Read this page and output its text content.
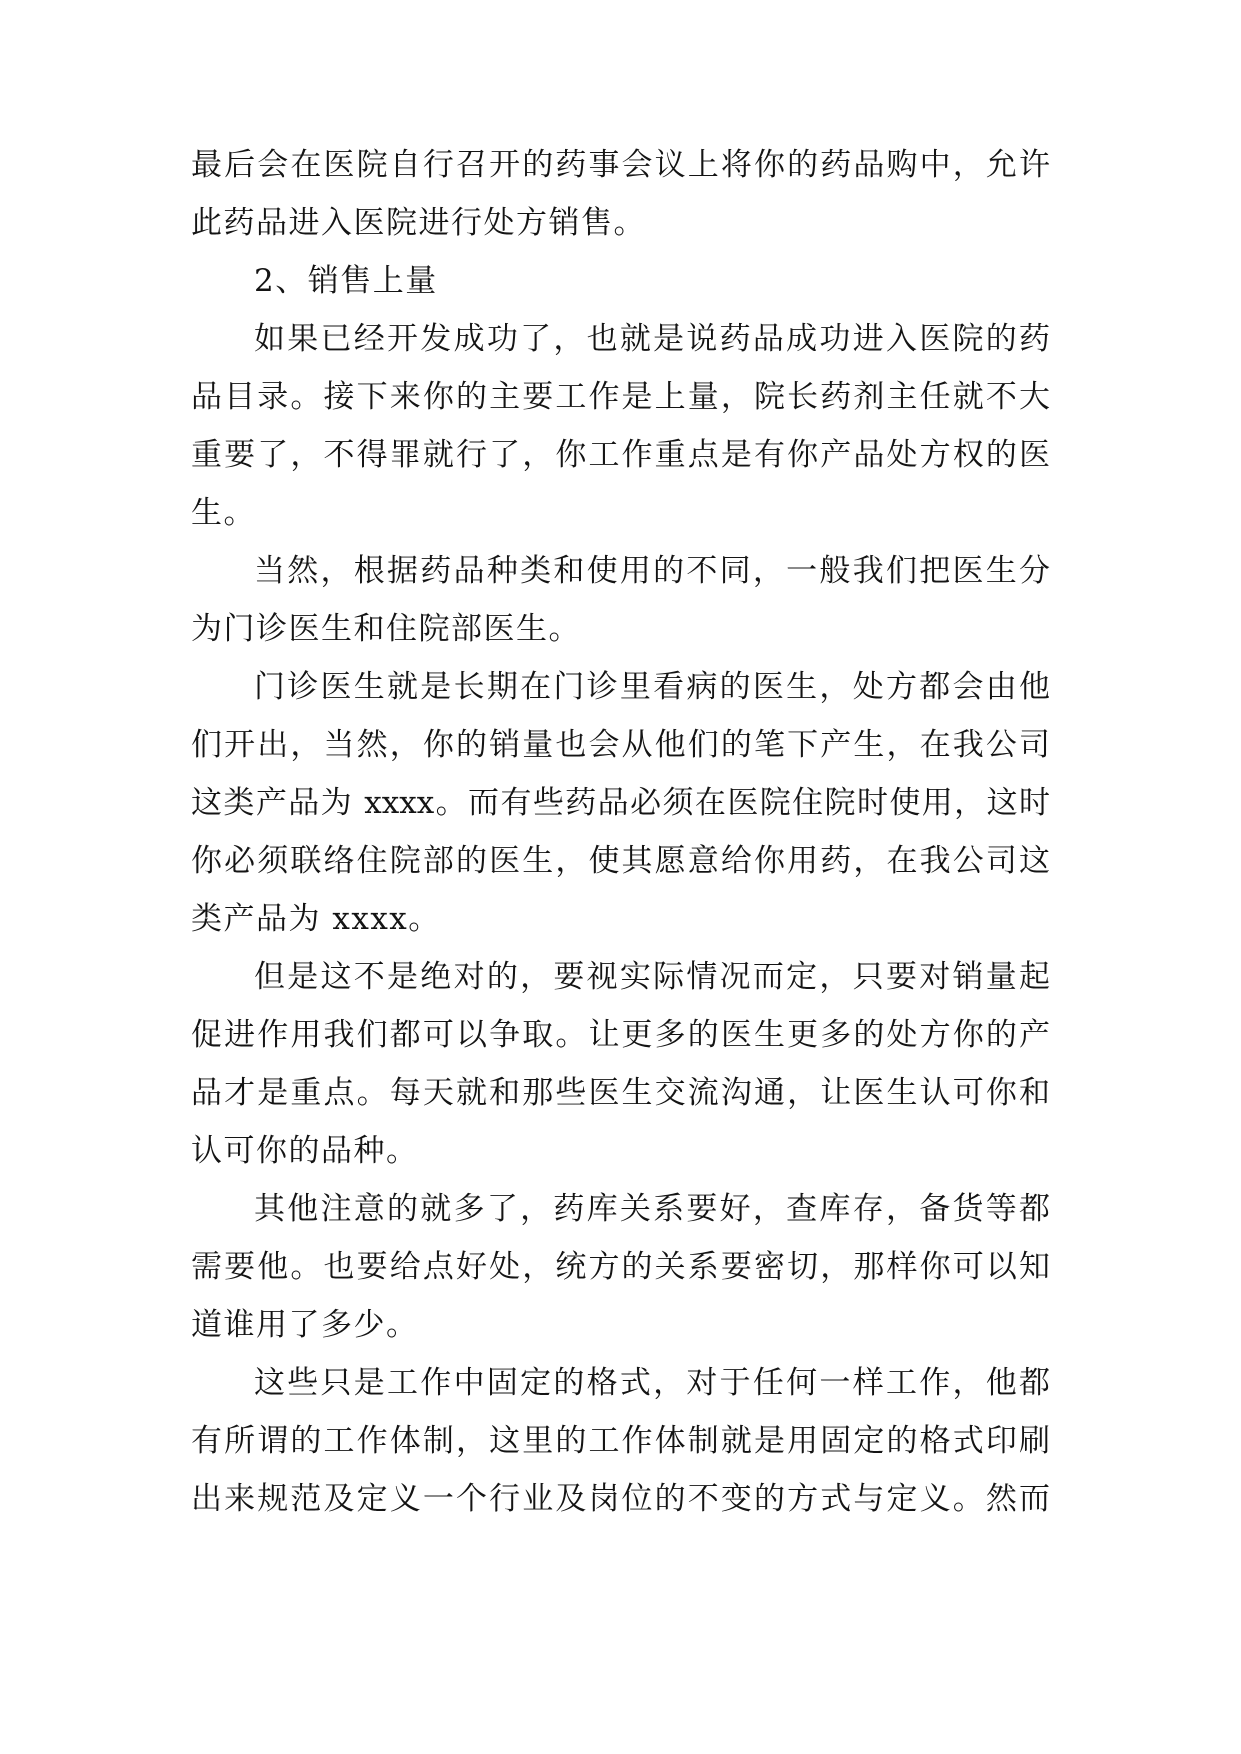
最后会在医院自行召开的药事会议上将你的药品购中，允许
此药品进入医院进行处方销售。
2、销售上量
如果已经开发成功了，也就是说药品成功进入医院的药
品目录。接下来你的主要工作是上量，院长药剂主任就不大
重要了，不得罪就行了，你工作重点是有你产品处方权的医
生。
当然，根据药品种类和使用的不同，一般我们把医生分
为门诊医生和住院部医生。
门诊医生就是长期在门诊里看病的医生，处方都会由他
们开出，当然，你的销量也会从他们的笔下产生，在我公司
这类产品为 xxxx。而有些药品必须在医院住院时使用，这时
你必须联络住院部的医生，使其愿意给你用药，在我公司这
类产品为 xxxx。
但是这不是绝对的，要视实际情况而定，只要对销量起
促进作用我们都可以争取。让更多的医生更多的处方你的产
品才是重点。每天就和那些医生交流沟通，让医生认可你和
认可你的品种。
其他注意的就多了，药库关系要好，查库存，备货等都
需要他。也要给点好处，统方的关系要密切，那样你可以知
道谁用了多少。
这些只是工作中固定的格式，对于任何一样工作，他都
有所谓的工作体制，这里的工作体制就是用固定的格式印刷
出来规范及定义一个行业及岗位的不变的方式与定义。然而
